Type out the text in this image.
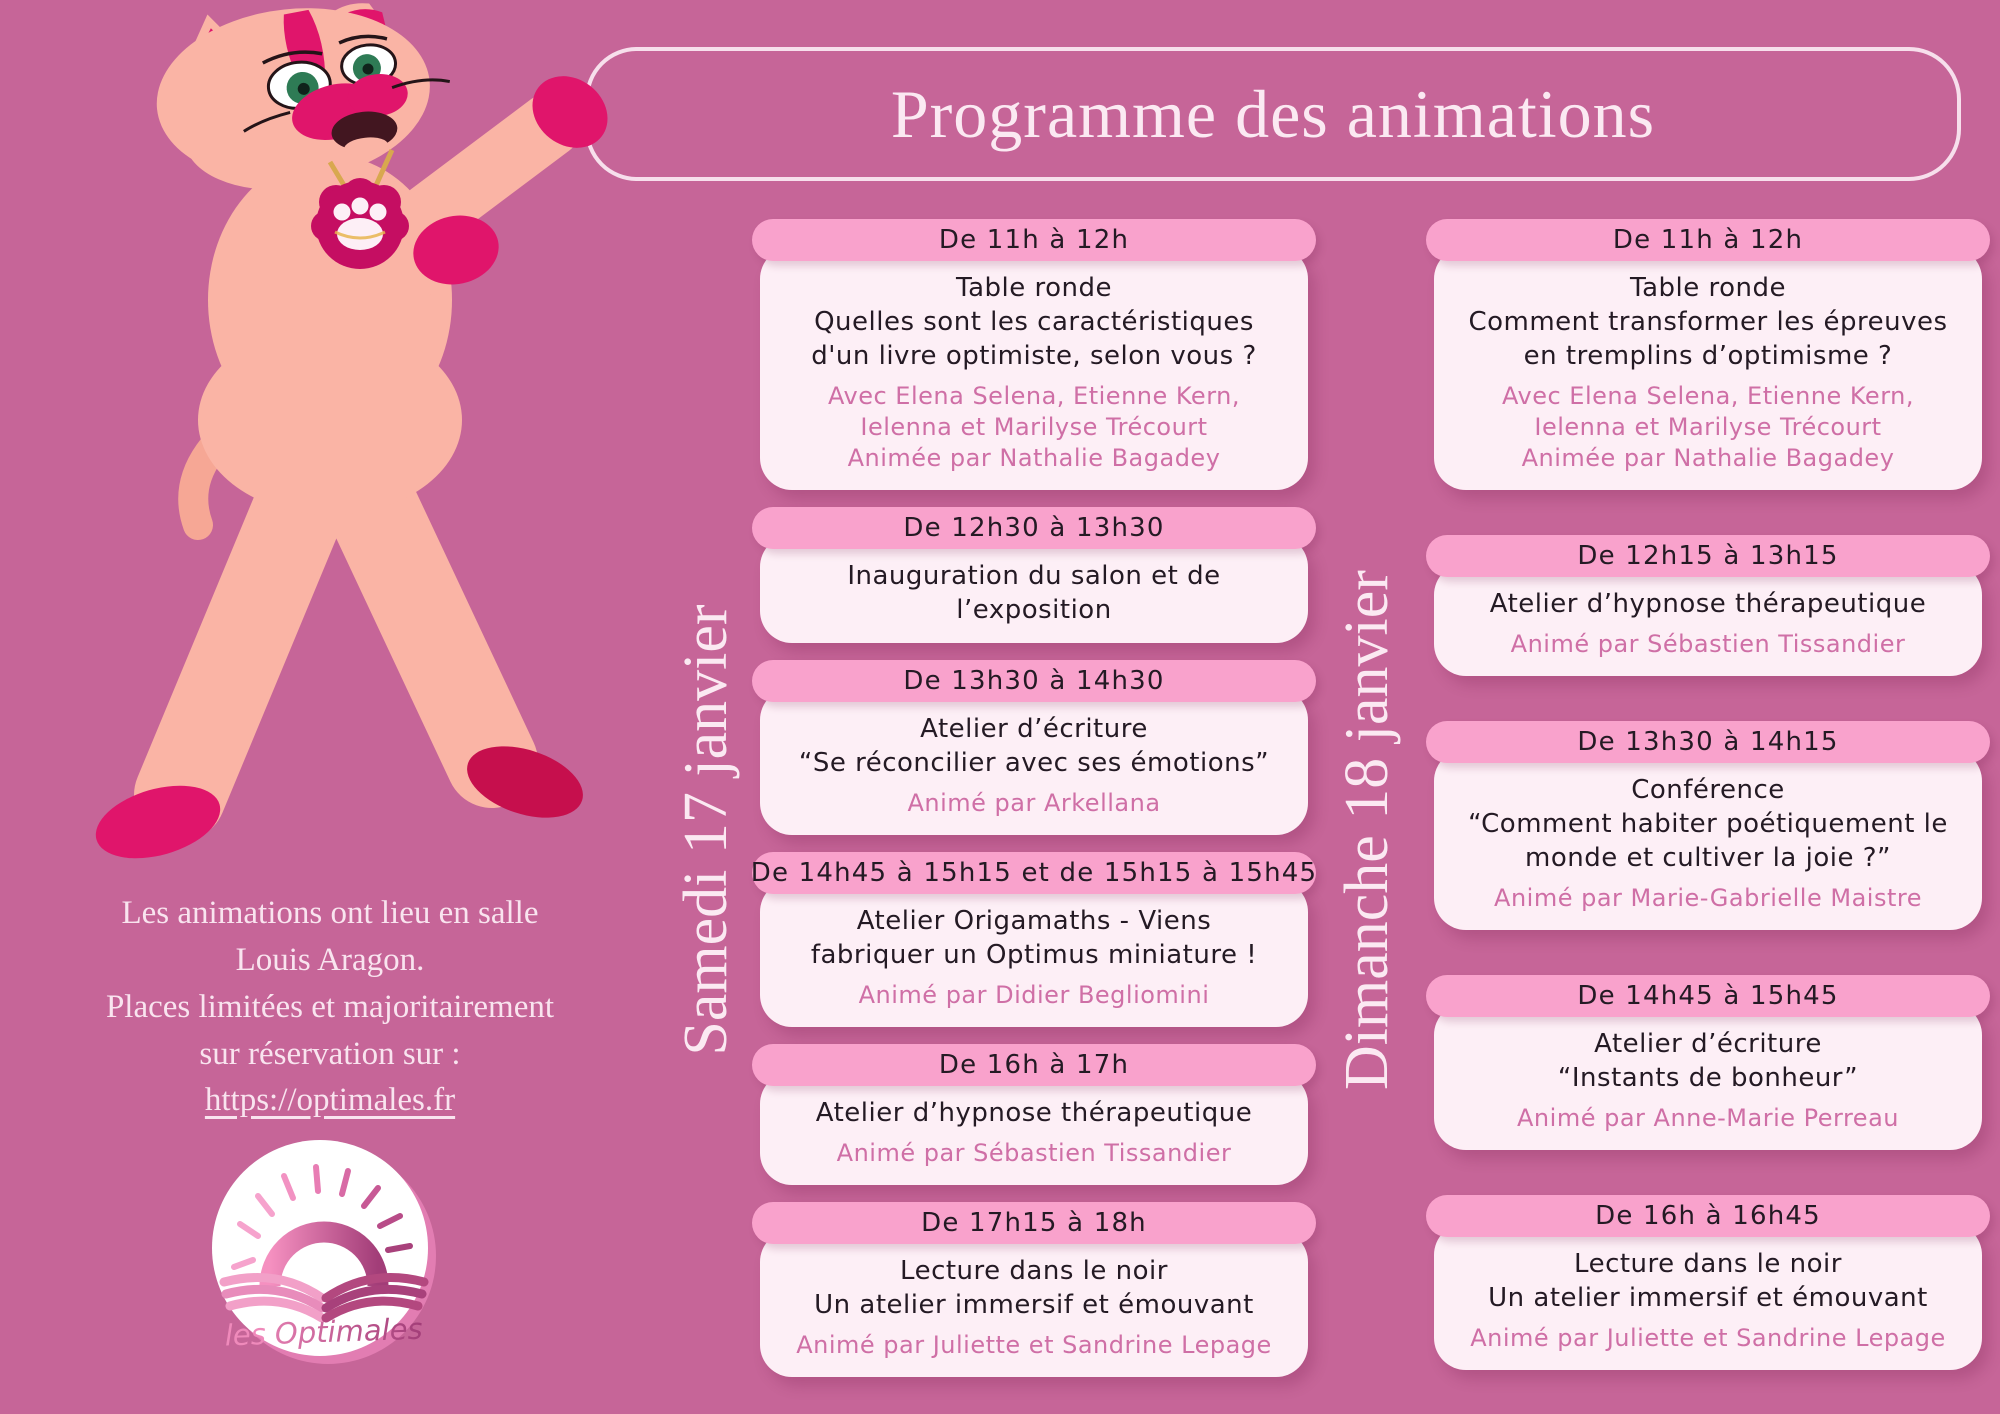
Programme des animations
Les animations ont lieu en salle
Louis Aragon.
Places limitées et majoritairement
sur réservation sur :
https://optimales.fr
les Optimales
Samedi 17 janvier	Dimanche 18 janvier
De 11h à 12h
Table ronde
Quelles sont les caractéristiques
d'un livre optimiste, selon vous ?
Avec Elena Selena, Etienne Kern,
Ielenna et Marilyse Trécourt
Animée par Nathalie Bagadey
De 12h30 à 13h30
Inauguration du salon et de
l’exposition
De 13h30 à 14h30
Atelier d’écriture
“Se réconcilier avec ses émotions”
Animé par Arkellana
De 14h45 à 15h15 et de 15h15 à 15h45
Atelier Origamaths - Viens
fabriquer un Optimus miniature !
Animé par Didier Begliomini
De 16h à 17h
Atelier d’hypnose thérapeutique
Animé par Sébastien Tissandier
De 17h15 à 18h
Lecture dans le noir
Un atelier immersif et émouvant
Animé par Juliette et Sandrine Lepage
De 11h à 12h
Table ronde
Comment transformer les épreuves
en tremplins d’optimisme ?
Avec Elena Selena, Etienne Kern,
Ielenna et Marilyse Trécourt
Animée par Nathalie Bagadey
De 12h15 à 13h15
Atelier d’hypnose thérapeutique
Animé par Sébastien Tissandier
De 13h30 à 14h15
Conférence
“Comment habiter poétiquement le
monde et cultiver la joie ?”
Animé par Marie-Gabrielle Maistre
De 14h45 à 15h45
Atelier d’écriture
“Instants de bonheur”
Animé par Anne-Marie Perreau
De 16h à 16h45
Lecture dans le noir
Un atelier immersif et émouvant
Animé par Juliette et Sandrine Lepage
